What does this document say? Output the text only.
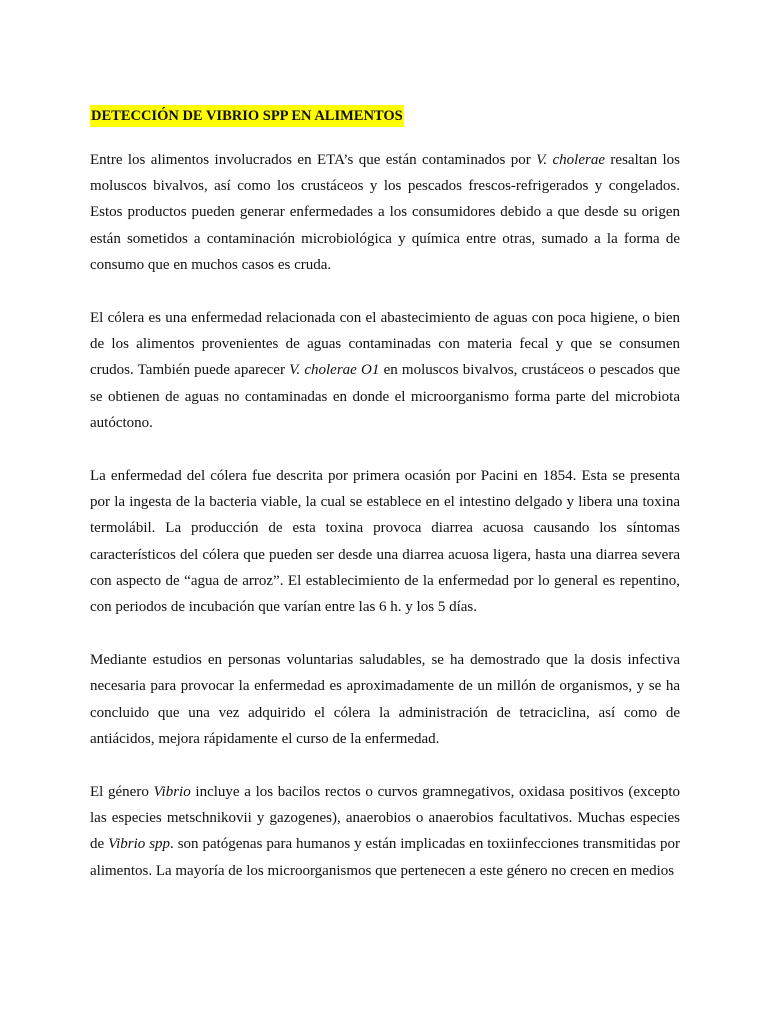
DETECCIÓN DE VIBRIO SPP EN ALIMENTOS

Entre los alimentos involucrados en ETA’s que están contaminados por V. cholerae resaltan los moluscos bivalvos, así como los crustáceos y los pescados frescos-refrigerados y congelados. Estos productos pueden generar enfermedades a los consumidores debido a que desde su origen están sometidos a contaminación microbiológica y química entre otras, sumado a la forma de consumo que en muchos casos es cruda.

El cólera es una enfermedad relacionada con el abastecimiento de aguas con poca higiene, o bien de los alimentos provenientes de aguas contaminadas con materia fecal y que se consumen crudos. También puede aparecer V. cholerae O1 en moluscos bivalvos, crustáceos o pescados que se obtienen de aguas no contaminadas en donde el microorganismo forma parte del microbiota autóctono.

La enfermedad del cólera fue descrita por primera ocasión por Pacini en 1854. Esta se presenta por la ingesta de la bacteria viable, la cual se establece en el intestino delgado y libera una toxina termolábil. La producción de esta toxina provoca diarrea acuosa causando los síntomas característicos del cólera que pueden ser desde una diarrea acuosa ligera, hasta una diarrea severa con aspecto de “agua de arroz”. El establecimiento de la enfermedad por lo general es repentino, con periodos de incubación que varían entre las 6 h. y los 5 días.

Mediante estudios en personas voluntarias saludables, se ha demostrado que la dosis infectiva necesaria para provocar la enfermedad es aproximadamente de un millón de organismos, y se ha concluido que una vez adquirido el cólera la administración de tetraciclina, así como de antiácidos, mejora rápidamente el curso de la enfermedad.

El género Vibrio incluye a los bacilos rectos o curvos gramnegativos, oxidasa positivos (excepto las especies metschnikovii y gazogenes), anaerobios o anaerobios facultativos. Muchas especies de Vibrio spp. son patógenas para humanos y están implicadas en toxiinfecciones transmitidas por alimentos. La mayoría de los microorganismos que pertenecen a este género no crecen en medios
